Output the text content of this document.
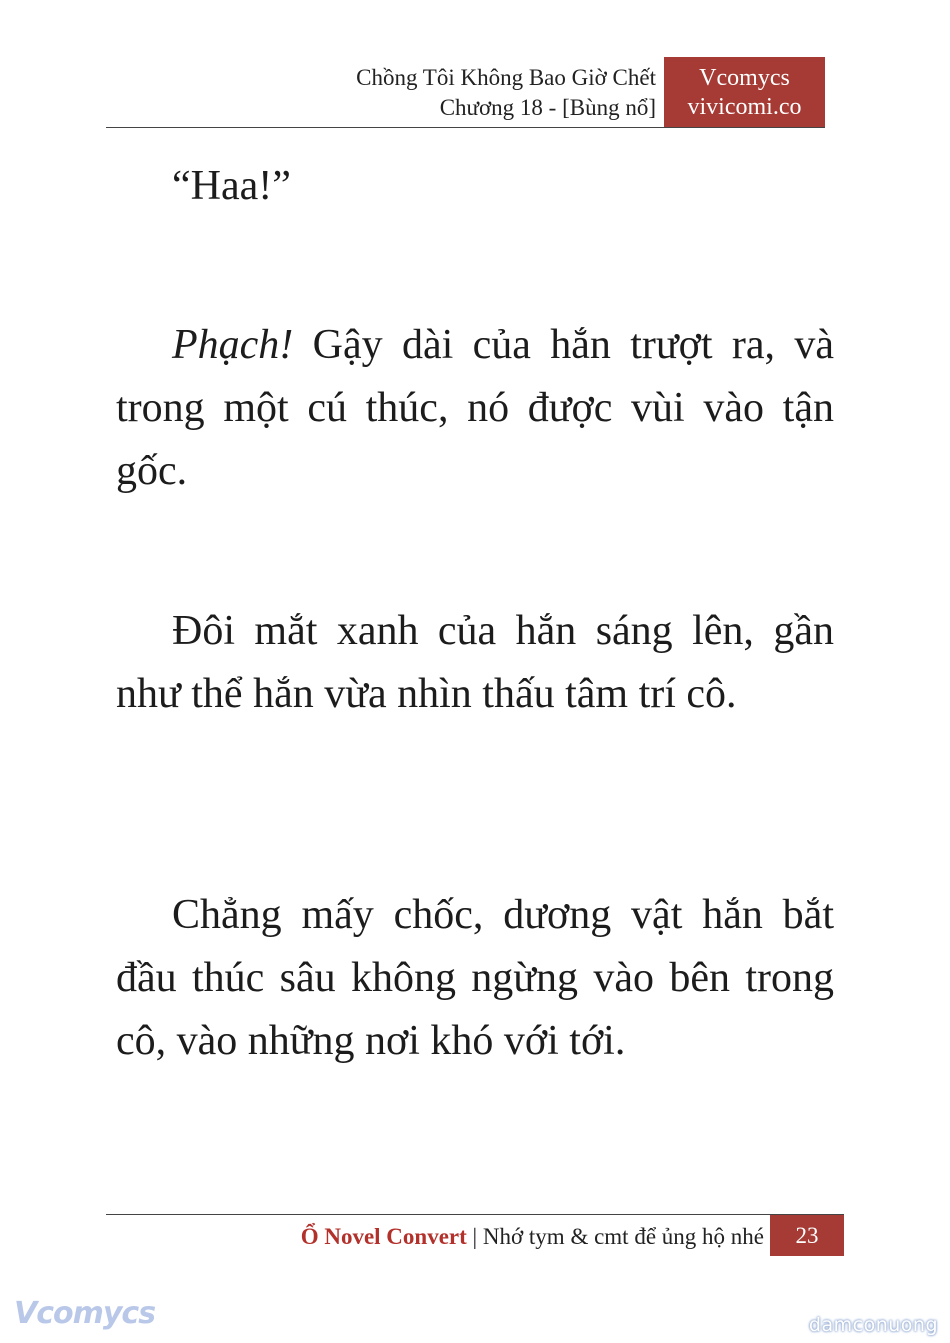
Chồng Tôi Không Bao Giờ Chết
Chương 18 - [Bùng nổ]
Vcomycs
vivicomi.co

“Haa!”

Phạch! Gậy dài của hắn trượt ra, và trong một cú thúc, nó được vùi vào tận gốc.

Đôi mắt xanh của hắn sáng lên, gần như thể hắn vừa nhìn thấu tâm trí cô.

Chẳng mấy chốc, dương vật hắn bắt đầu thúc sâu không ngừng vào bên trong cô, vào những nơi khó với tới.

Ổ Novel Convert | Nhớ tym & cmt để ủng hộ nhé	23
Vcomycs	damconuong
